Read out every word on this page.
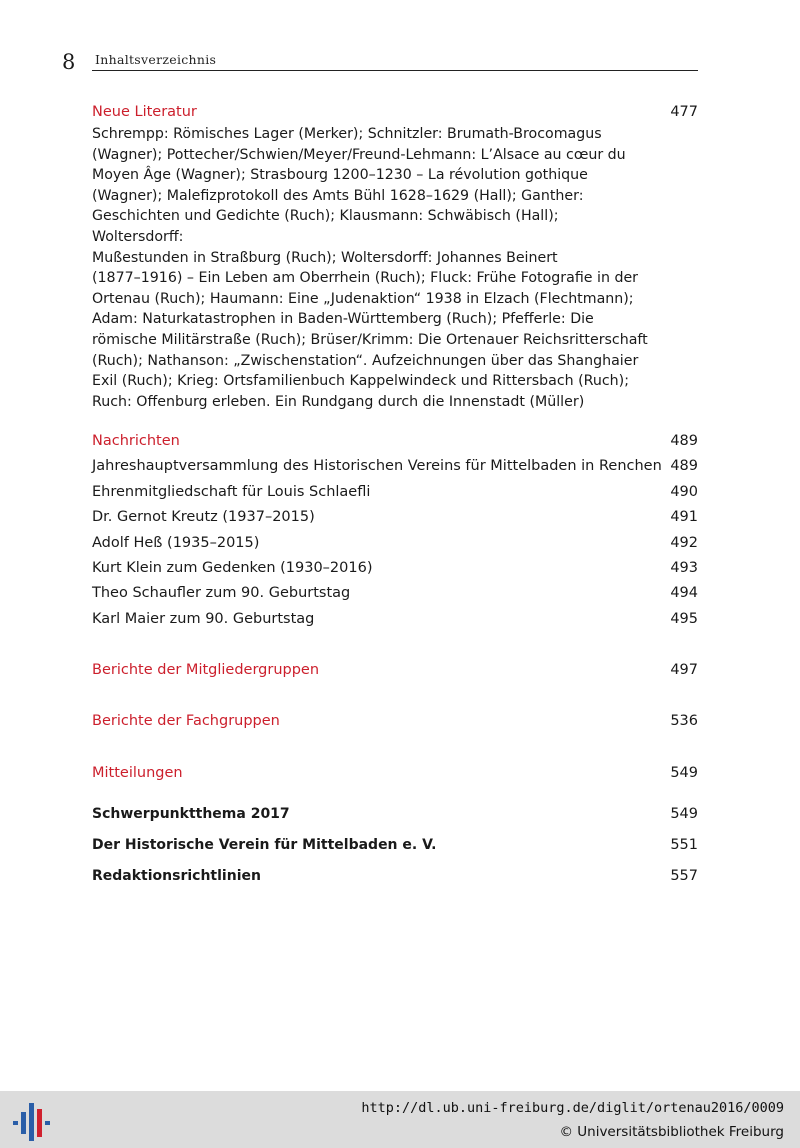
8 Inhaltsverzeichnis
Neue Literatur	477
Schrempp: Römisches Lager (Merker); Schnitzler: Brumath-Brocomagus
(Wagner); Pottecher/Schwien/Meyer/Freund-Lehmann: L’Alsace au cœur du
Moyen Âge (Wagner); Strasbourg 1200–1230 – La révolution gothique
(Wagner); Malefizprotokoll des Amts Bühl 1628–1629 (Hall); Ganther:
Geschichten und Gedichte (Ruch); Klausmann: Schwäbisch (Hall); Woltersdorff:
Mußestunden in Straßburg (Ruch); Woltersdorff: Johannes Beinert
(1877–1916) – Ein Leben am Oberrhein (Ruch); Fluck: Frühe Fotografie in der
Ortenau (Ruch); Haumann: Eine „Judenaktion“ 1938 in Elzach (Flechtmann);
Adam: Naturkatastrophen in Baden-Württemberg (Ruch); Pfefferle: Die
römische Militärstraße (Ruch); Brüser/Krimm: Die Ortenauer Reichsritterschaft
(Ruch); Nathanson: „Zwischenstation“. Aufzeichnungen über das Shanghaier
Exil (Ruch); Krieg: Ortsfamilienbuch Kappelwindeck und Rittersbach (Ruch);
Ruch: Offenburg erleben. Ein Rundgang durch die Innenstadt (Müller)
Nachrichten	489
Jahreshauptversammlung des Historischen Vereins für Mittelbaden in Renchen 489
Ehrenmitgliedschaft für Louis Schlaefli	490
Dr. Gernot Kreutz (1937–2015)	491
Adolf Heß (1935–2015)	492
Kurt Klein zum Gedenken (1930–2016)	493
Theo Schaufler zum 90. Geburtstag	494
Karl Maier zum 90. Geburtstag	495
Berichte der Mitgliedergruppen	497
Berichte der Fachgruppen	536
Mitteilungen	549
Schwerpunktthema 2017	549
Der Historische Verein für Mittelbaden e. V.	551
Redaktionsrichtlinien	557
http://dl.ub.uni-freiburg.de/diglit/ortenau2016/0009
© Universitätsbibliothek Freiburg
